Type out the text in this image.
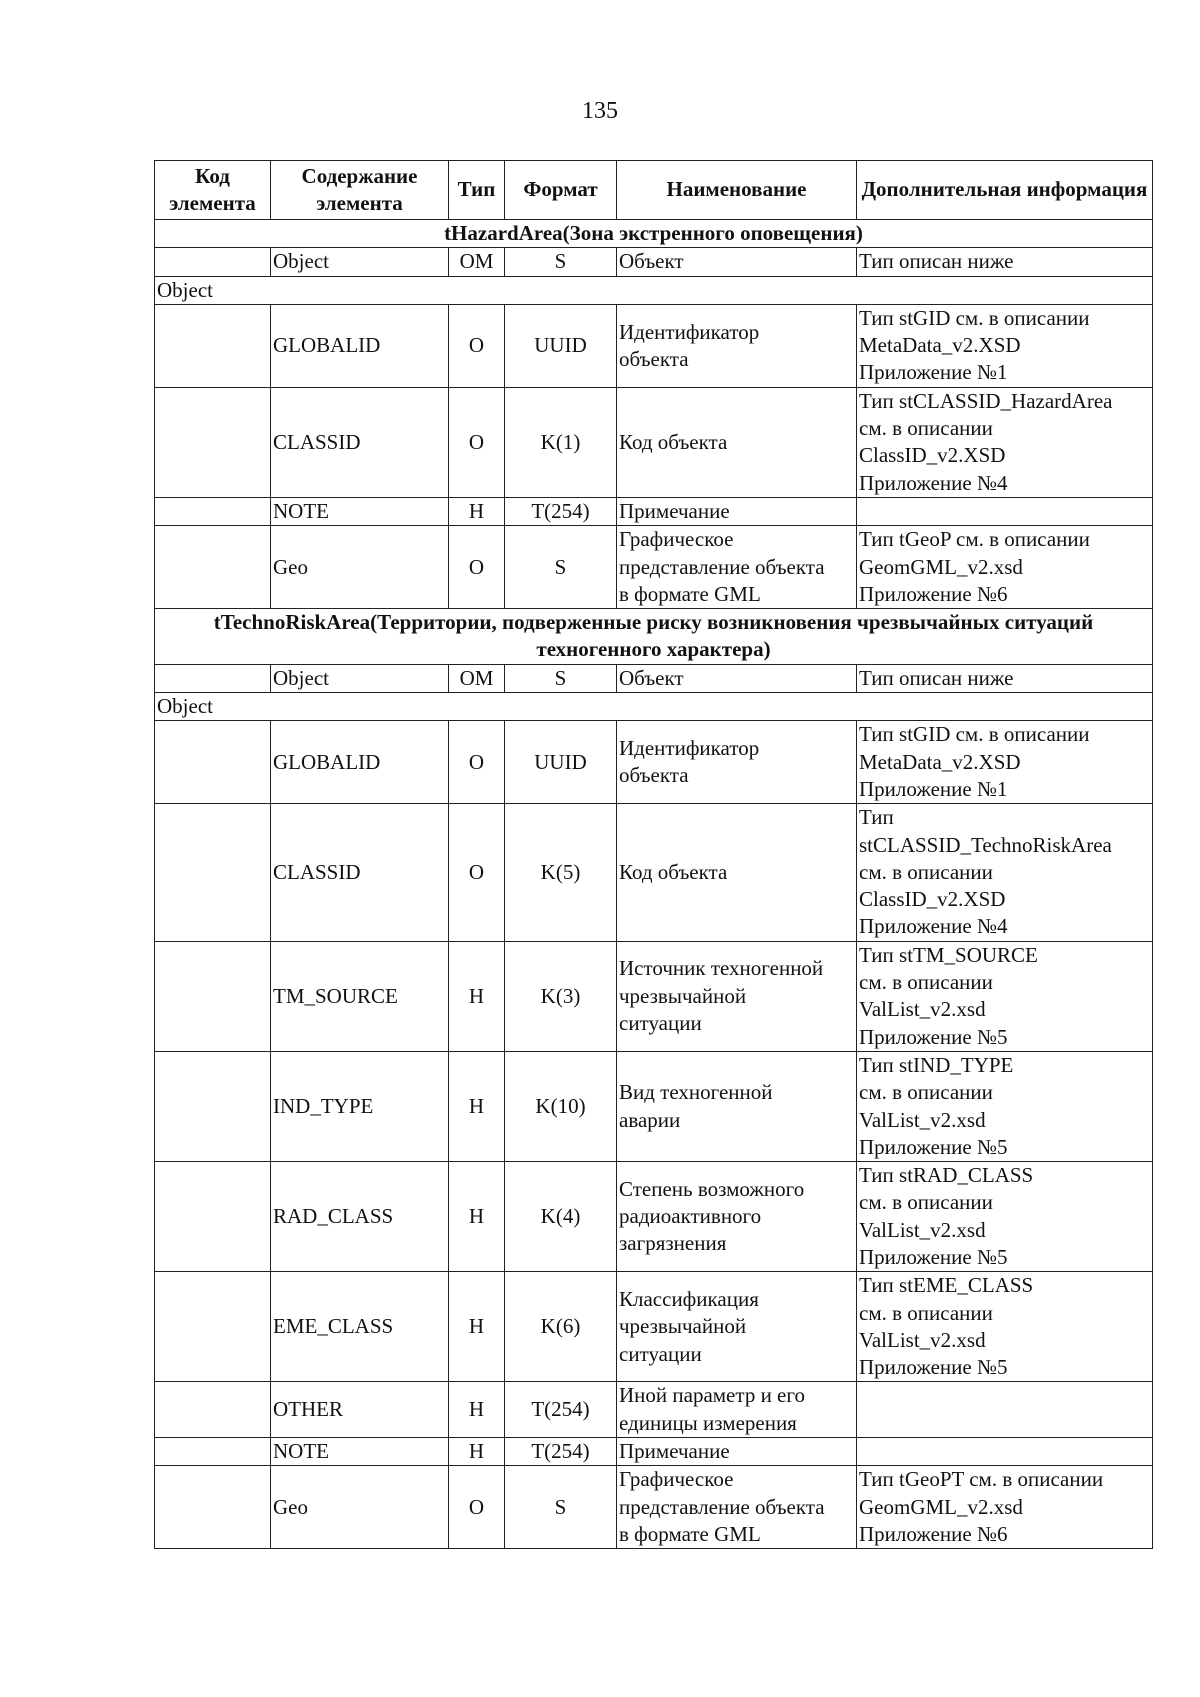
135
Код элемента	Содержание элемента	Тип	Формат	Наименование	Дополнительная информация

tHazardArea(Зона экстренного оповещения)					

	Object	OM	S	Объект	Тип описан ниже

Object					

	GLOBALID	O	UUID	Идентификатор
объекта	Тип stGID см. в описании
MetaData_v2.XSD
Приложение №1

	CLASSID	O	K(1)	Код объекта	Тип stCLASSID_HazardArea
см. в описании
ClassID_v2.XSD
Приложение №4

	NOTE	H	T(254)	Примечание	

	Geo	O	S	Графическое
представление объекта
в формате GML	Тип tGeoP см. в описании
GeomGML_v2.xsd
Приложение №6

tTechnoRiskArea(Территории, подверженные риску возникновения чрезвычайных ситуаций техногенного характера)					

	Object	OM	S	Объект	Тип описан ниже

Object					

	GLOBALID	O	UUID	Идентификатор
объекта	Тип stGID см. в описании
MetaData_v2.XSD
Приложение №1

	CLASSID	O	K(5)	Код объекта	Тип
stCLASSID_TechnoRiskArea
см. в описании
ClassID_v2.XSD
Приложение №4

	TM_SOURCE	H	K(3)	Источник техногенной
чрезвычайной
ситуации	Тип stTM_SOURCE
см. в описании
ValList_v2.xsd
Приложение №5

	IND_TYPE	H	K(10)	Вид техногенной
аварии	Тип stIND_TYPE
см. в описании
ValList_v2.xsd
Приложение №5

	RAD_CLASS	H	K(4)	Степень возможного
радиоактивного
загрязнения	Тип stRAD_CLASS
см. в описании
ValList_v2.xsd
Приложение №5

	EME_CLASS	H	K(6)	Классификация
чрезвычайной
ситуации	Тип stEME_CLASS
см. в описании
ValList_v2.xsd
Приложение №5

	OTHER	H	T(254)	Иной параметр и его
единицы измерения	

	NOTE	H	T(254)	Примечание	

	Geo	O	S	Графическое
представление объекта
в формате GML	Тип tGeoPT см. в описании
GeomGML_v2.xsd
Приложение №6
